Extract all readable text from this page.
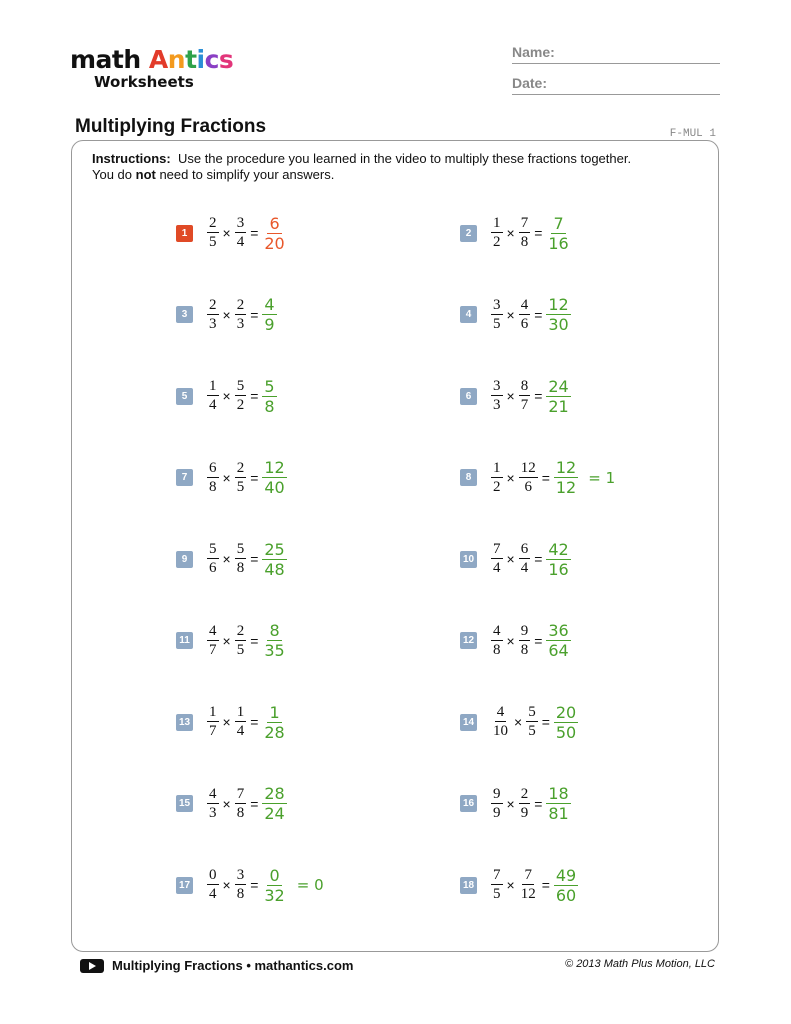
math Antics
Worksheets
Name:
Date:
Multiplying Fractions	F-MUL 1
Instructions: Use the procedure you learned in the video to multiply these fractions together.
You do not need to simplify your answers.
1	$\frac{2}{5} \times \frac{3}{4} = \frac{6}{20}$	2	$\frac{1}{2} \times \frac{7}{8} = \frac{7}{16}$
3	$\frac{2}{3} \times \frac{2}{3} = \frac{4}{9}$	4	$\frac{3}{5} \times \frac{4}{6} = \frac{12}{30}$
5	$\frac{1}{4} \times \frac{5}{2} = \frac{5}{8}$	6	$\frac{3}{3} \times \frac{8}{7} = \frac{24}{21}$
7	$\frac{6}{8} \times \frac{2}{5} = \frac{12}{40}$	8	$\frac{1}{2} \times \frac{12}{6} = \frac{12}{12} = 1$
9	$\frac{5}{6} \times \frac{5}{8} = \frac{25}{48}$	$10 \frac{7}{4} \times \frac{6}{4} = \frac{42}{16}$
$11 \frac{4}{7} \times \frac{2}{5} = \frac{8}{35}$	$12 \frac{4}{8} \times \frac{9}{8} = \frac{36}{64}$
$13 \frac{1}{7} \times \frac{1}{4} = \frac{1}{28}$	$14 \frac{4}{10} \times \frac{5}{5} = \frac{20}{50}$
$15 \frac{4}{3} \times \frac{7}{8} = \frac{28}{24}$	$16 \frac{9}{9} \times \frac{2}{9} = \frac{18}{81}$
$17 \frac{0}{4} \times \frac{3}{8} = \frac{0}{32} = 0$	$18 \frac{7}{5} \times \frac{7}{12} = \frac{49}{60}$
Multiplying Fractions • mathantics.com	© 2013 Math Plus Motion, LLC
